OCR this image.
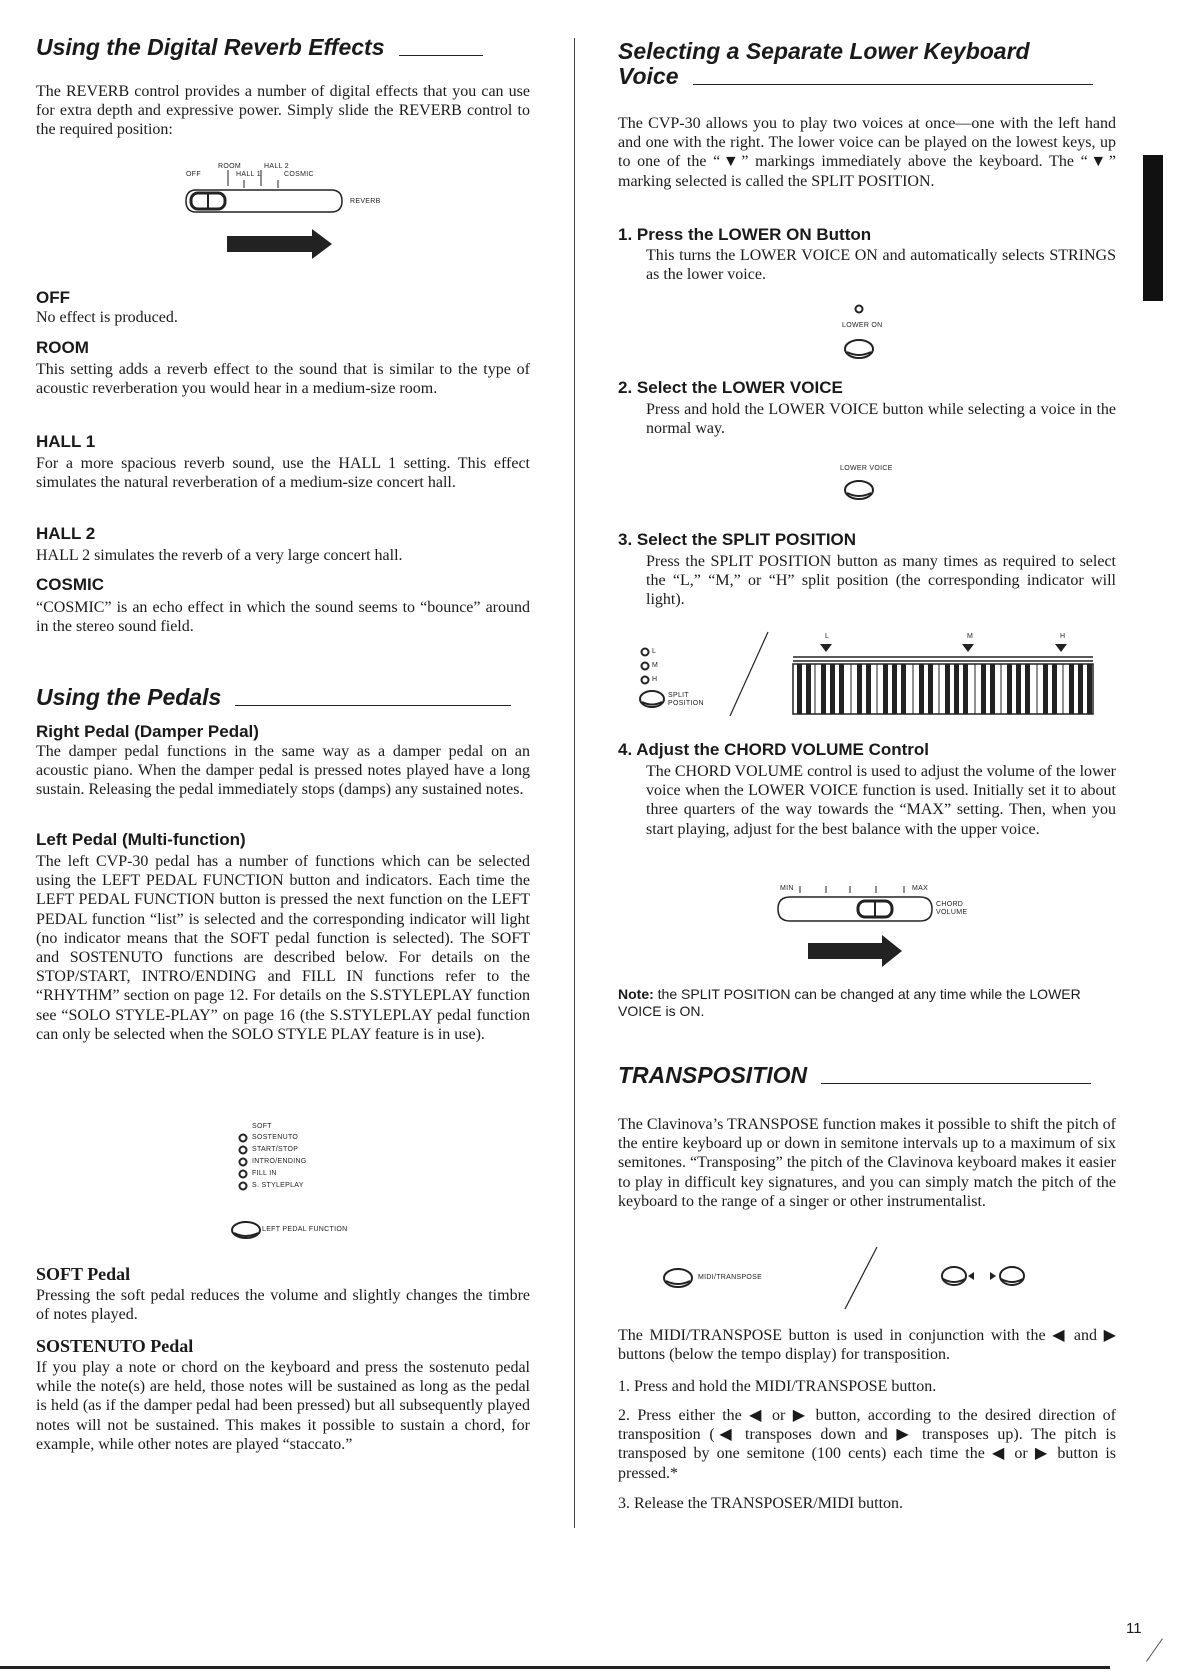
11
Using the Digital Reverb Effects

The REVERB control provides a number of digital effects that you can use for extra depth and expressive power. Simply slide the REVERB control to the required position:

ROOM	HALL 2
OFF	HALL 1	COSMIC
REVERB
OFF

No effect is produced.

ROOM

This setting adds a reverb effect to the sound that is similar to the type of acoustic reverberation you would hear in a medium-size room.

HALL 1

For a more spacious reverb sound, use the HALL 1 setting. This effect simulates the natural reverberation of a medium-size concert hall.

HALL 2

HALL 2 simulates the reverb of a very large concert hall.

COSMIC

“COSMIC” is an echo effect in which the sound seems to “bounce” around in the stereo sound field.

Using the Pedals
Right Pedal (Damper Pedal)

The damper pedal functions in the same way as a damper pedal on an acoustic piano. When the damper pedal is pressed notes played have a long sustain. Releasing the pedal immediately stops (damps) any sustained notes.

Left Pedal (Multi-function)

The left CVP-30 pedal has a number of functions which can be selected using the LEFT PEDAL FUNCTION button and indicators. Each time the LEFT PEDAL FUNCTION button is pressed the next function on the LEFT PEDAL function “list” is selected and the corresponding indicator will light (no indicator means that the SOFT pedal function is selected). The SOFT and SOSTENUTO functions are described below. For details on the STOP/START, INTRO/ENDING and FILL IN functions refer to the “RHYTHM” section on page 12. For details on the S.STYLEPLAY function see “SOLO STYLE-PLAY” on page 16 (the S.STYLEPLAY pedal function can only be selected when the SOLO STYLE PLAY feature is in use).

SOFT
SOSTENUTO
START/STOP
INTRO/ENDING
FILL IN
S. STYLEPLAY
LEFT PEDAL FUNCTION
SOFT Pedal

Pressing the soft pedal reduces the volume and slightly changes the timbre of notes played.

SOSTENUTO Pedal

If you play a note or chord on the keyboard and press the sostenuto pedal while the note(s) are held, those notes will be sustained as long as the pedal is held (as if the damper pedal had been pressed) but all subsequently played notes will not be sustained. This makes it possible to sustain a chord, for example, while other notes are played “staccato.”

Selecting a Separate Lower Keyboard
Voice

The CVP-30 allows you to play two voices at once—one with the left hand and one with the right. The lower voice can be played on the lowest keys, up to one of the “▼” markings immediately above the keyboard. The “▼” marking selected is called the SPLIT POSITION.

1. Press the LOWER ON Button

This turns the LOWER VOICE ON and automatically selects STRINGS as the lower voice.

LOWER ON
2. Select the LOWER VOICE

Press and hold the LOWER VOICE button while selecting a voice in the normal way.

LOWER VOICE
3. Select the SPLIT POSITION

Press the SPLIT POSITION button as many times as required to select the “L,” “M,” or “H” split position (the corresponding indicator will light).

L
M
H
SPLIT
POSITION
L	M	H
4. Adjust the CHORD VOLUME Control

The CHORD VOLUME control is used to adjust the volume of the lower voice when the LOWER VOICE function is used. Initially set it to about three quarters of the way towards the “MAX” setting. Then, when you start playing, adjust for the best balance with the upper voice.

MIN	MAX
CHORD
VOLUME
Note: the SPLIT POSITION can be changed at any time while the LOWER VOICE is ON.
TRANSPOSITION

The Clavinova’s TRANSPOSE function makes it possible to shift the pitch of the entire keyboard up or down in semitone intervals up to a maximum of six semitones. “Transposing” the pitch of the Clavinova keyboard makes it easier to play in difficult key signatures, and you can simply match the pitch of the keyboard to the range of a singer or other instrumentalist.

MIDI/TRANSPOSE

The MIDI/TRANSPOSE button is used in conjunction with the ◀ and ▶ buttons (below the tempo display) for transposition.

1. Press and hold the MIDI/TRANSPOSE button.

2. Press either the ◀ or ▶ button, according to the desired direction of transposition (◀ transposes down and ▶ transposes up). The pitch is transposed by one semitone (100 cents) each time the ◀ or ▶ button is pressed.*

3. Release the TRANSPOSER/MIDI button.
